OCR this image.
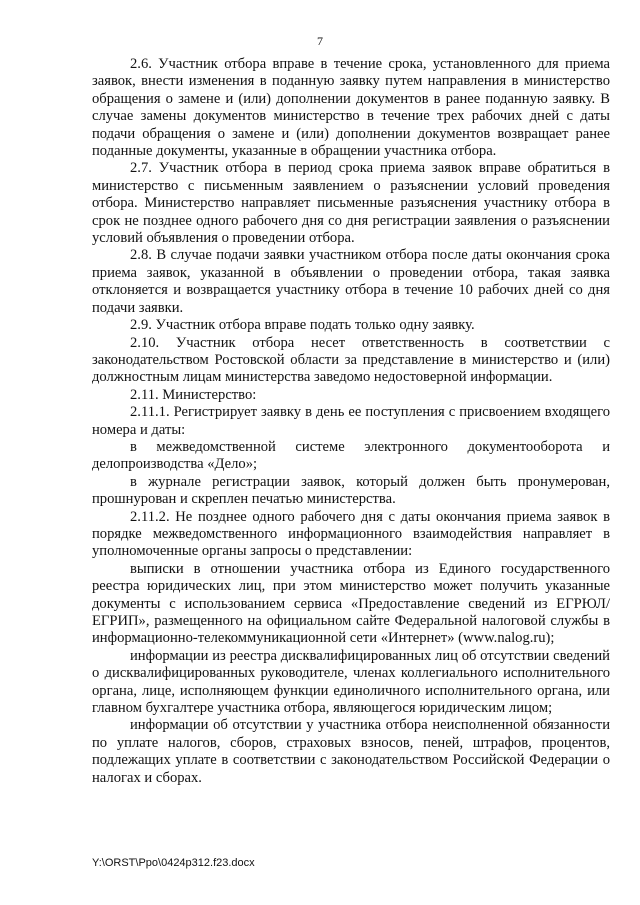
7

2.6. Участник отбора вправе в течение срока, установленного для приема заявок, внести изменения в поданную заявку путем направления в министерство обращения о замене и (или) дополнении документов в ранее поданную заявку. В случае замены документов министерство в течение трех рабочих дней с даты подачи обращения о замене и (или) дополнении документов возвращает ранее поданные документы, указанные в обращении участника отбора.

2.7. Участник отбора в период срока приема заявок вправе обратиться в министерство с письменным заявлением о разъяснении условий проведения отбора. Министерство направляет письменные разъяснения участнику отбора в срок не позднее одного рабочего дня со дня регистрации заявления о разъяснении условий объявления о проведении отбора.

2.8. В случае подачи заявки участником отбора после даты окончания срока приема заявок, указанной в объявлении о проведении отбора, такая заявка отклоняется и возвращается участнику отбора в течение 10 рабочих дней со дня подачи заявки.

2.9. Участник отбора вправе подать только одну заявку.

2.10. Участник отбора несет ответственность в соответствии с законодательством Ростовской области за представление в министерство и (или) должностным лицам министерства заведомо недостоверной информации.

2.11. Министерство:

2.11.1. Регистрирует заявку в день ее поступления с присвоением входящего номера и даты:

в межведомственной системе электронного документооборота и делопроизводства «Дело»;

в журнале регистрации заявок, который должен быть пронумерован, прошнурован и скреплен печатью министерства.

2.11.2. Не позднее одного рабочего дня с даты окончания приема заявок в порядке межведомственного информационного взаимодействия направляет в уполномоченные органы запросы о представлении:

выписки в отношении участника отбора из Единого государственного реестра юридических лиц, при этом министерство может получить указанные документы с использованием сервиса «Предоставление сведений из ЕГРЮЛ/ЕГРИП», размещенного на официальном сайте Федеральной налоговой службы в информационно-телекоммуникационной сети «Интернет» (www.nalog.ru);

информации из реестра дисквалифицированных лиц об отсутствии сведений о дисквалифицированных руководителе, членах коллегиального исполнительного органа, лице, исполняющем функции единоличного исполнительного органа, или главном бухгалтере участника отбора, являющегося юридическим лицом;

информации об отсутствии у участника отбора неисполненной обязанности по уплате налогов, сборов, страховых взносов, пеней, штрафов, процентов, подлежащих уплате в соответствии с законодательством Российской Федерации о налогах и сборах.

Y:\ORST\Ppo\0424p312.f23.docx
